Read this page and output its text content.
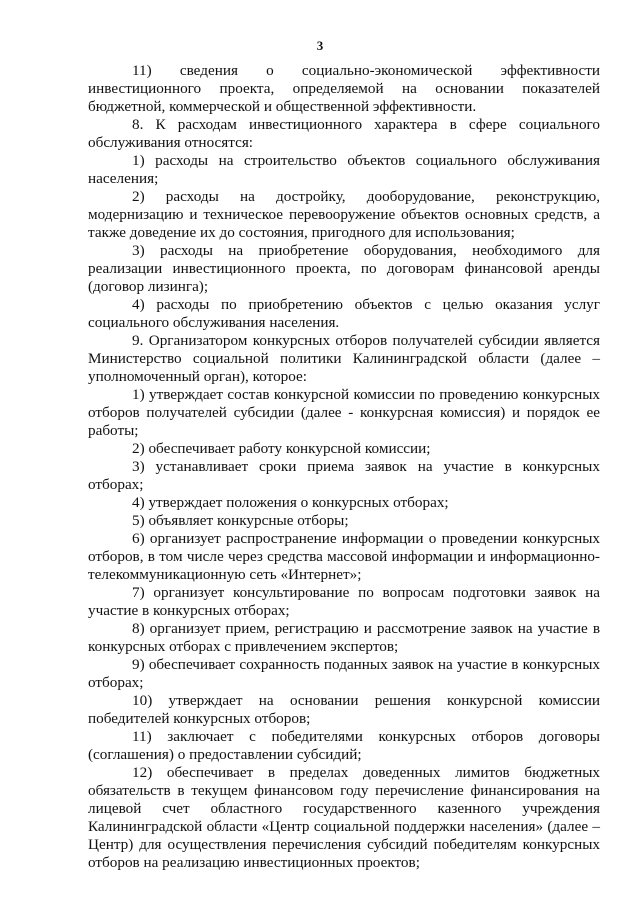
3

11) сведения о социально-экономической эффективности инвестиционного проекта, определяемой на основании показателей бюджетной, коммерческой и общественной эффективности.

8. К расходам инвестиционного характера в сфере социального обслуживания относятся:

1) расходы на строительство объектов социального обслуживания населения;

2) расходы на достройку, дооборудование, реконструкцию, модернизацию и техническое перевооружение объектов основных средств, а также доведение их до состояния, пригодного для использования;

3) расходы на приобретение оборудования, необходимого для реализации инвестиционного проекта, по договорам финансовой аренды (договор лизинга);

4) расходы по приобретению объектов с целью оказания услуг социального обслуживания населения.

9. Организатором конкурсных отборов получателей субсидии является Министерство социальной политики Калининградской области (далее – уполномоченный орган), которое:

1) утверждает состав конкурсной комиссии по проведению конкурсных отборов получателей субсидии (далее - конкурсная комиссия) и порядок ее работы;

2) обеспечивает работу конкурсной комиссии;

3) устанавливает сроки приема заявок на участие в конкурсных отборах;

4) утверждает положения о конкурсных отборах;

5) объявляет конкурсные отборы;

6) организует распространение информации о проведении конкурсных отборов, в том числе через средства массовой информации и информационно-телекоммуникационную сеть «Интернет»;

7) организует консультирование по вопросам подготовки заявок на участие в конкурсных отборах;

8) организует прием, регистрацию и рассмотрение заявок на участие в конкурсных отборах с привлечением экспертов;

9) обеспечивает сохранность поданных заявок на участие в конкурсных отборах;

10) утверждает на основании решения конкурсной комиссии победителей конкурсных отборов;

11) заключает с победителями конкурсных отборов договоры (соглашения) о предоставлении субсидий;

12) обеспечивает в пределах доведенных лимитов бюджетных обязательств в текущем финансовом году перечисление финансирования на лицевой счет областного государственного казенного учреждения Калининградской области «Центр социальной поддержки населения» (далее – Центр) для осуществления перечисления субсидий победителям конкурсных отборов на реализацию инвестиционных проектов;
